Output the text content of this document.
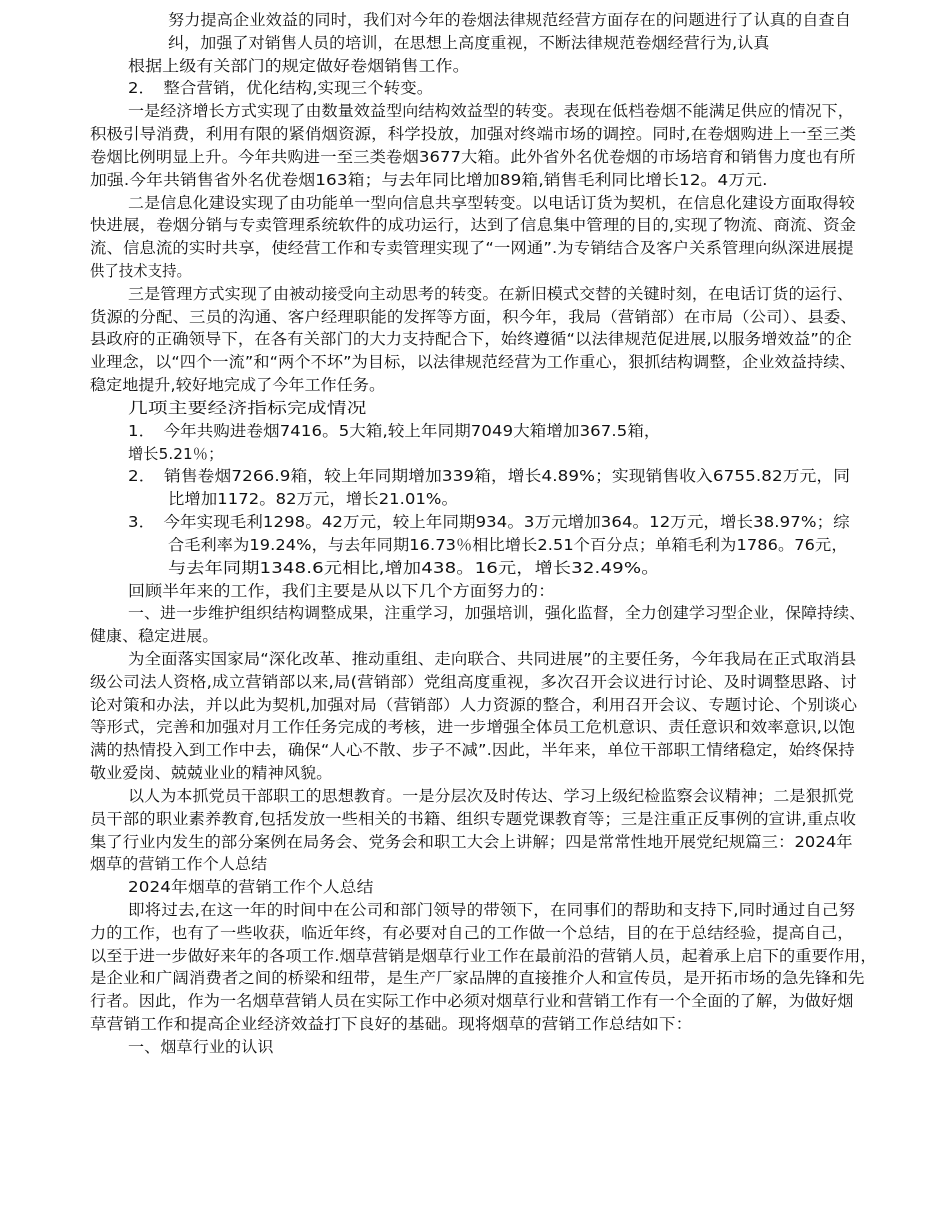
努力提高企业效益的同时，我们对今年的卷烟法律规范经营方面存在的问题进行了认真的自查自
纠，加强了对销售人员的培训，在思想上高度重视，不断法律规范卷烟经营行为,认真
根据上级有关部门的规定做好卷烟销售工作。
2．　整合营销，优化结构,实现三个转变。
一是经济增长方式实现了由数量效益型向结构效益型的转变。表现在低档卷烟不能满足供应的情况下，
积极引导消费，利用有限的紧俏烟资源，科学投放，加强对终端市场的调控。同时,在卷烟购进上一至三类
卷烟比例明显上升。今年共购进一至三类卷烟3677大箱。此外省外名优卷烟的市场培育和销售力度也有所
加强.今年共销售省外名优卷烟163箱；与去年同比增加89箱,销售毛利同比增长12。4万元.
二是信息化建设实现了由功能单一型向信息共享型转变。以电话订货为契机，在信息化建设方面取得较
快进展，卷烟分销与专卖管理系统软件的成功运行，达到了信息集中管理的目的,实现了物流、商流、资金
流、信息流的实时共享，使经营工作和专卖管理实现了“一网通”.为专销结合及客户关系管理向纵深进展提
供了技术支持。
三是管理方式实现了由被动接受向主动思考的转变。在新旧模式交替的关键时刻，在电话订货的运行、
货源的分配、三员的沟通、客户经理职能的发挥等方面，积今年，我局（营销部）在市局（公司）、县委、
县政府的正确领导下，在各有关部门的大力支持配合下，始终遵循“以法律规范促进展,以服务增效益”的企
业理念，以“四个一流”和“两个不坏”为目标，以法律规范经营为工作重心，狠抓结构调整，企业效益持续、
稳定地提升,较好地完成了今年工作任务。
几项主要经济指标完成情况
1．　今年共购进卷烟7416。5大箱,较上年同期7049大箱增加367.5箱，
增长5.21％；
2．　销售卷烟7266.9箱，较上年同期增加339箱，增长4.89%；实现销售收入6755.82万元，同
比增加1172。82万元，增长21.01%。
3．　今年实现毛利1298。42万元，较上年同期934。3万元增加364。12万元，增长38.97%；综
合毛利率为19.24%，与去年同期16.73％相比增长2.51个百分点；单箱毛利为1786。76元，
与去年同期1348.6元相比,增加438。16元，增长32.49%。
回顾半年来的工作，我们主要是从以下几个方面努力的：
一、进一步维护组织结构调整成果，注重学习，加强培训，强化监督，全力创建学习型企业，保障持续、
健康、稳定进展。
为全面落实国家局“深化改革、推动重组、走向联合、共同进展”的主要任务，今年我局在正式取消县
级公司法人资格,成立营销部以来,局(营销部）党组高度重视，多次召开会议进行讨论、及时调整思路、讨
论对策和办法，并以此为契机,加强对局（营销部）人力资源的整合，利用召开会议、专题讨论、个别谈心
等形式，完善和加强对月工作任务完成的考核，进一步增强全体员工危机意识、责任意识和效率意识,以饱
满的热情投入到工作中去，确保“人心不散、步子不减”.因此，半年来，单位干部职工情绪稳定，始终保持
敬业爱岗、兢兢业业的精神风貌。
以人为本抓党员干部职工的思想教育。一是分层次及时传达、学习上级纪检监察会议精神；二是狠抓党
员干部的职业素养教育,包括发放一些相关的书籍、组织专题党课教育等；三是注重正反事例的宣讲,重点收
集了行业内发生的部分案例在局务会、党务会和职工大会上讲解；四是常常性地开展党纪规篇三：2024年
烟草的营销工作个人总结
2024年烟草的营销工作个人总结
即将过去,在这一年的时间中在公司和部门领导的带领下，在同事们的帮助和支持下,同时通过自己努
力的工作，也有了一些收获，临近年终，有必要对自己的工作做一个总结，目的在于总结经验，提高自己，
以至于进一步做好来年的各项工作.烟草营销是烟草行业工作在最前沿的营销人员，起着承上启下的重要作用，
是企业和广阔消费者之间的桥梁和纽带，是生产厂家品牌的直接推介人和宣传员，是开拓市场的急先锋和先
行者。因此，作为一名烟草营销人员在实际工作中必须对烟草行业和营销工作有一个全面的了解，为做好烟
草营销工作和提高企业经济效益打下良好的基础。现将烟草的营销工作总结如下：
一、烟草行业的认识
